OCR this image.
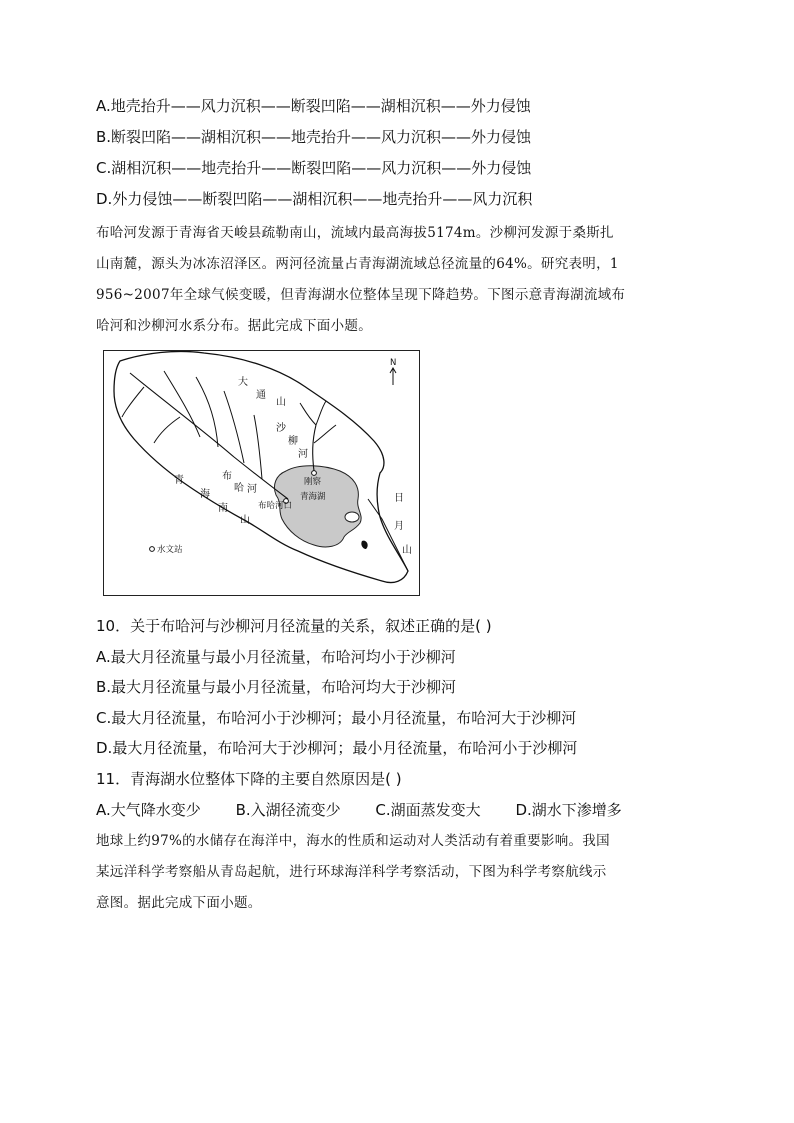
A.地壳抬升——风力沉积——断裂凹陷——湖相沉积——外力侵蚀
B.断裂凹陷——湖相沉积——地壳抬升——风力沉积——外力侵蚀
C.湖相沉积——地壳抬升——断裂凹陷——风力沉积——外力侵蚀
D.外力侵蚀——断裂凹陷——湖相沉积——地壳抬升——风力沉积
布哈河发源于青海省天峻县疏勒南山，流域内最高海拔5174m。沙柳河发源于桑斯扎
山南麓，源头为冰冻沼泽区。两河径流量占青海湖流域总径流量的64%。研究表明，1
956~2007年全球气候变暖，但青海湖水位整体呈现下降趋势。下图示意青海湖流域布
哈河和沙柳河水系分布。据此完成下面小题。
N
大
通
山
沙
柳
河
刚察
青海湖
布哈河口
布
哈 河
青
海
南
山
日
月
山
水文站
10．关于布哈河与沙柳河月径流量的关系，叙述正确的是( )
A.最大月径流量与最小月径流量，布哈河均小于沙柳河
B.最大月径流量与最小月径流量，布哈河均大于沙柳河
C.最大月径流量，布哈河小于沙柳河；最小月径流量，布哈河大于沙柳河
D.最大月径流量，布哈河大于沙柳河；最小月径流量，布哈河小于沙柳河
11．青海湖水位整体下降的主要自然原因是( )
A.大气降水变少 B.入湖径流变少 C.湖面蒸发变大 D.湖水下渗增多
地球上约97%的水储存在海洋中，海水的性质和运动对人类活动有着重要影响。我国
某远洋科学考察船从青岛起航，进行环球海洋科学考察活动，下图为科学考察航线示
意图。据此完成下面小题。
